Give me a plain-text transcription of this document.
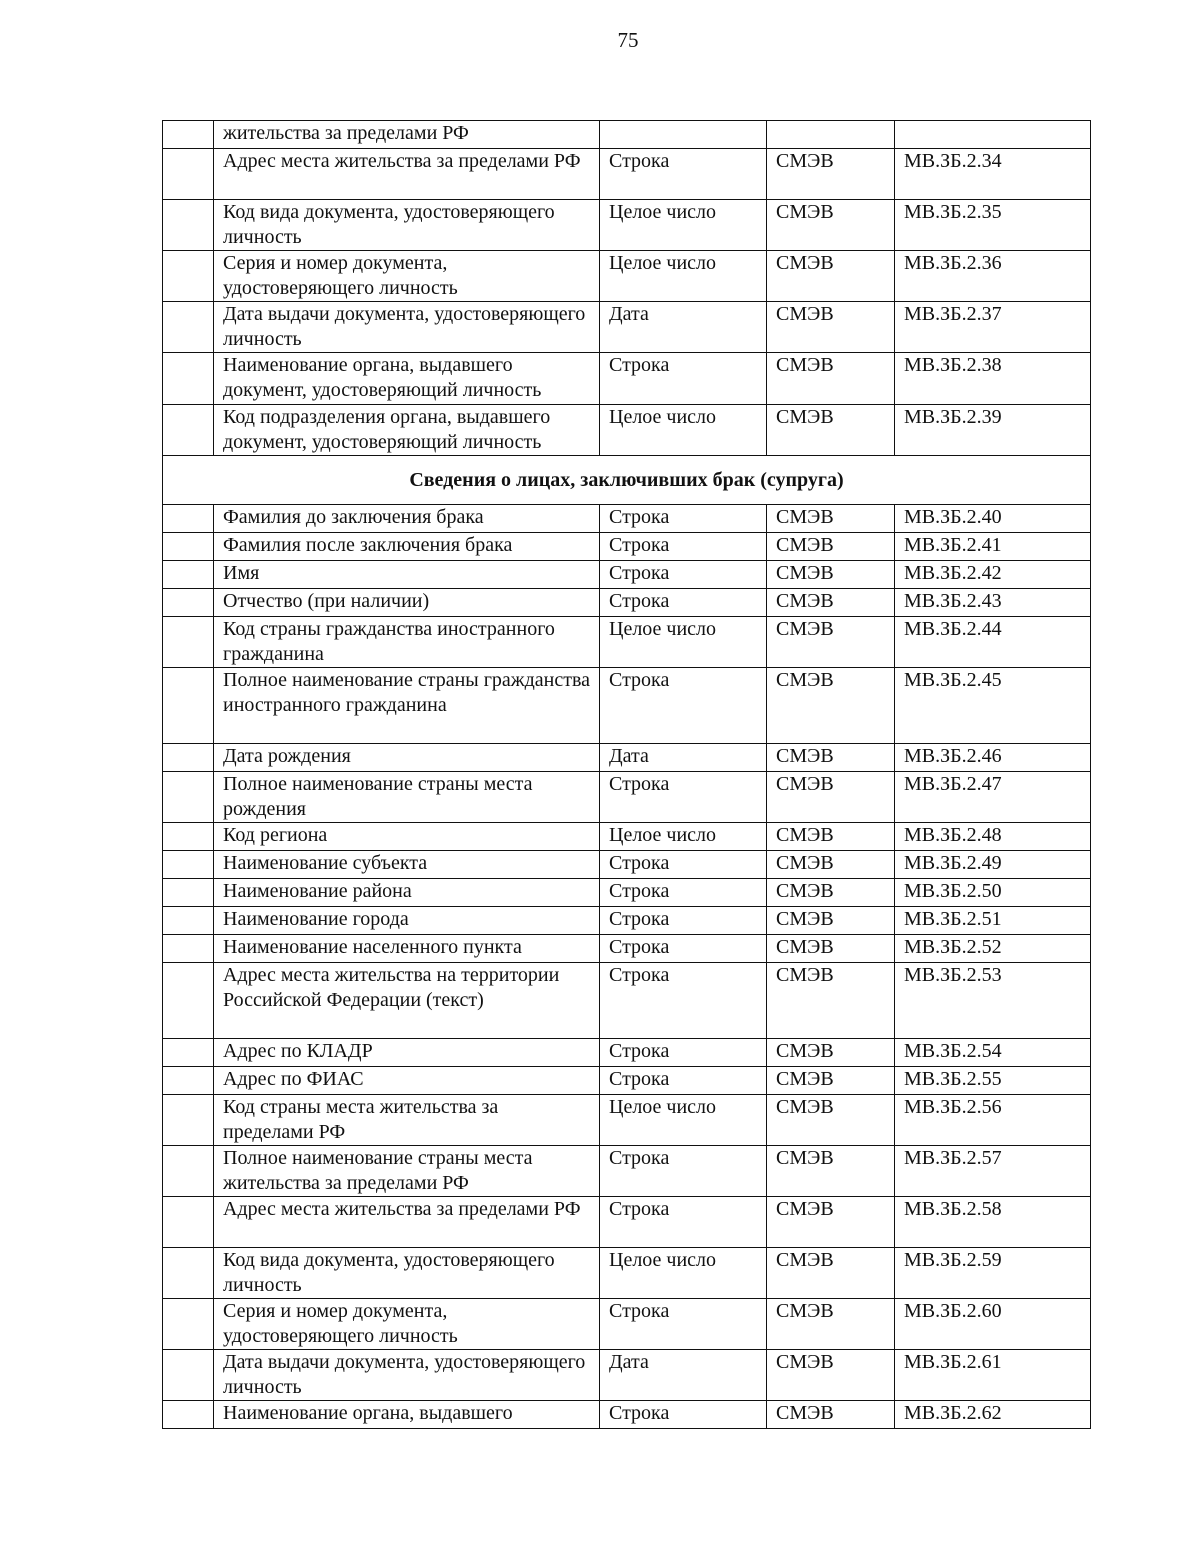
75
	жительства за пределами РФ			
	Адрес места жительства за пределами РФ	Строка	СМЭВ	МВ.ЗБ.2.34
	Код вида документа, удостоверяющего личность	Целое число	СМЭВ	МВ.ЗБ.2.35
	Серия и номер документа, удостоверяющего личность	Целое число	СМЭВ	МВ.ЗБ.2.36
	Дата выдачи документа, удостоверяющего личность	Дата	СМЭВ	МВ.ЗБ.2.37
	Наименование органа, выдавшего документ, удостоверяющий личность	Строка	СМЭВ	МВ.ЗБ.2.38
	Код подразделения органа, выдавшего документ, удостоверяющий личность	Целое число	СМЭВ	МВ.ЗБ.2.39
Сведения о лицах, заключивших брак (супруга)				
	Фамилия до заключения брака	Строка	СМЭВ	МВ.ЗБ.2.40
	Фамилия после заключения брака	Строка	СМЭВ	МВ.ЗБ.2.41
	Имя	Строка	СМЭВ	МВ.ЗБ.2.42
	Отчество (при наличии)	Строка	СМЭВ	МВ.ЗБ.2.43
	Код страны гражданства иностранного гражданина	Целое число	СМЭВ	МВ.ЗБ.2.44
	Полное наименование страны гражданства иностранного гражданина	Строка	СМЭВ	МВ.ЗБ.2.45
	Дата рождения	Дата	СМЭВ	МВ.ЗБ.2.46
	Полное наименование страны места рождения	Строка	СМЭВ	МВ.ЗБ.2.47
	Код региона	Целое число	СМЭВ	МВ.ЗБ.2.48
	Наименование субъекта	Строка	СМЭВ	МВ.ЗБ.2.49
	Наименование района	Строка	СМЭВ	МВ.ЗБ.2.50
	Наименование города	Строка	СМЭВ	МВ.ЗБ.2.51
	Наименование населенного пункта	Строка	СМЭВ	МВ.ЗБ.2.52
	Адрес места жительства на территории Российской Федерации (текст)	Строка	СМЭВ	МВ.ЗБ.2.53
	Адрес по КЛАДР	Строка	СМЭВ	МВ.ЗБ.2.54
	Адрес по ФИАС	Строка	СМЭВ	МВ.ЗБ.2.55
	Код страны места жительства за пределами РФ	Целое число	СМЭВ	МВ.ЗБ.2.56
	Полное наименование страны места жительства за пределами РФ	Строка	СМЭВ	МВ.ЗБ.2.57
	Адрес места жительства за пределами РФ	Строка	СМЭВ	МВ.ЗБ.2.58
	Код вида документа, удостоверяющего личность	Целое число	СМЭВ	МВ.ЗБ.2.59
	Серия и номер документа, удостоверяющего личность	Строка	СМЭВ	МВ.ЗБ.2.60
	Дата выдачи документа, удостоверяющего личность	Дата	СМЭВ	МВ.ЗБ.2.61
	Наименование органа, выдавшего	Строка	СМЭВ	МВ.ЗБ.2.62
